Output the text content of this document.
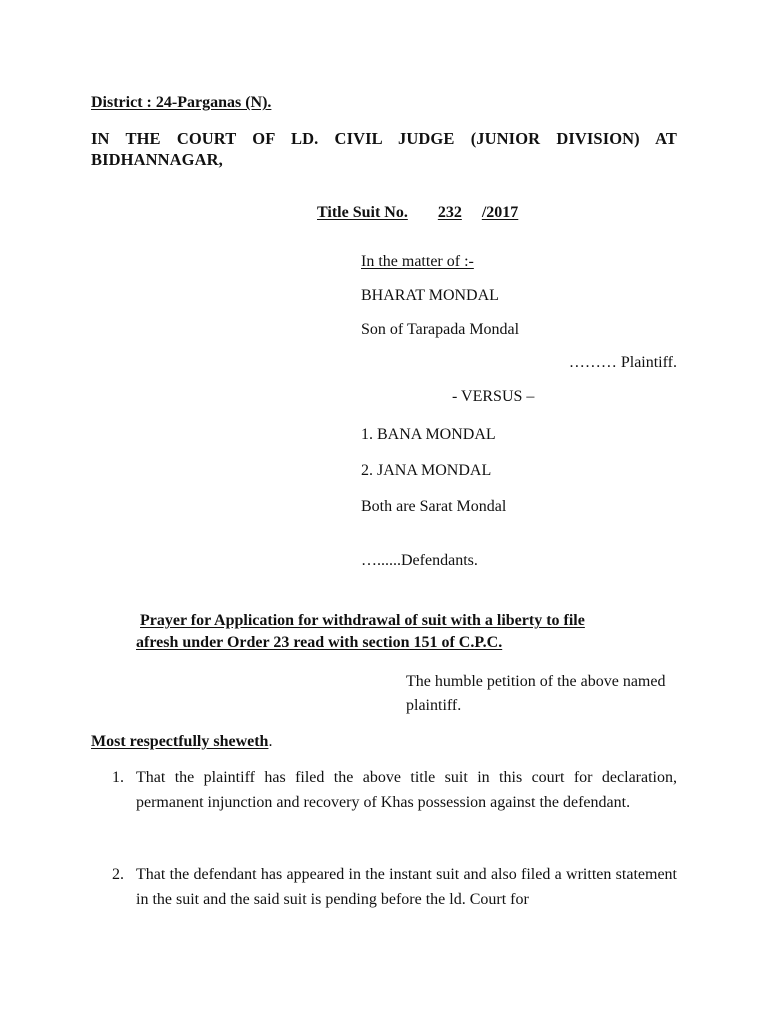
District : 24-Parganas (N).
IN THE COURT OF LD. CIVIL JUDGE (JUNIOR DIVISION) AT BIDHANNAGAR,
Title Suit No. 232 /2017
In the matter of :-
BHARAT MONDAL
Son of Tarapada Mondal
……… Plaintiff.
- VERSUS –
1. BANA MONDAL
2. JANA MONDAL
Both are Sarat Mondal
…......Defendants.
Prayer for Application for withdrawal of suit with a liberty to file
afresh under Order 23 read with section 151 of C.P.C.
The humble petition of the above named plaintiff.
Most respectfully sheweth.
1. That the plaintiff has filed the above title suit in this court for declaration, permanent injunction and recovery of Khas possession against the defendant.
2. That the defendant has appeared in the instant suit and also filed a written statement in the suit and the said suit is pending before the ld. Court for
